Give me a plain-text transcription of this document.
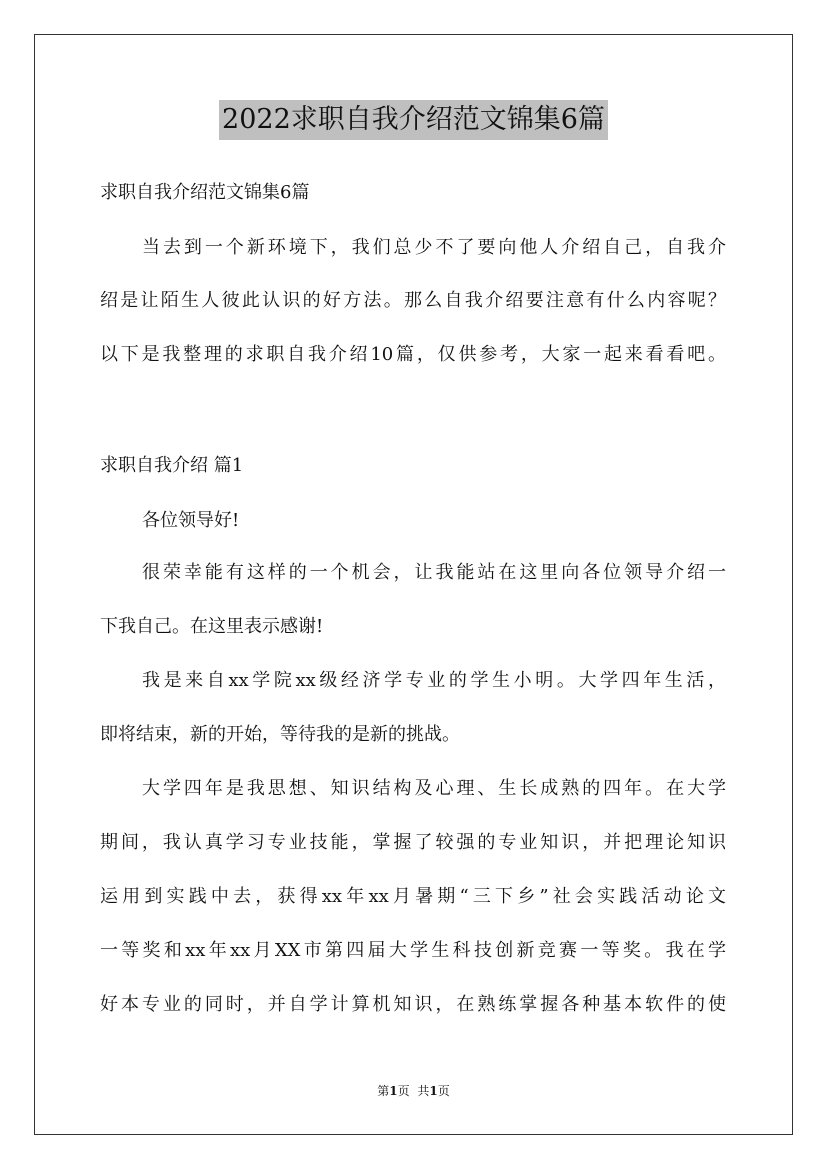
2022求职自我介绍范文锦集6篇
求职自我介绍范文锦集6篇
当去到一个新环境下，我们总少不了要向他人介绍自己，自我介
绍是让陌生人彼此认识的好方法。那么自我介绍要注意有什么内容呢？
以下是我整理的求职自我介绍10篇，仅供参考，大家一起来看看吧。
求职自我介绍 篇1
各位领导好!
很荣幸能有这样的一个机会，让我能站在这里向各位领导介绍一
下我自己。在这里表示感谢!
我是来自xx学院xx级经济学专业的学生小明。大学四年生活，
即将结束，新的开始，等待我的是新的挑战。
大学四年是我思想、知识结构及心理、生长成熟的四年。在大学
期间，我认真学习专业技能，掌握了较强的专业知识，并把理论知识
运用到实践中去，获得xx年xx月暑期“三下乡”社会实践活动论文
一等奖和xx年xx月XX市第四届大学生科技创新竞赛一等奖。我在学
好本专业的同时，并自学计算机知识，在熟练掌握各种基本软件的使
第1页 共1页
